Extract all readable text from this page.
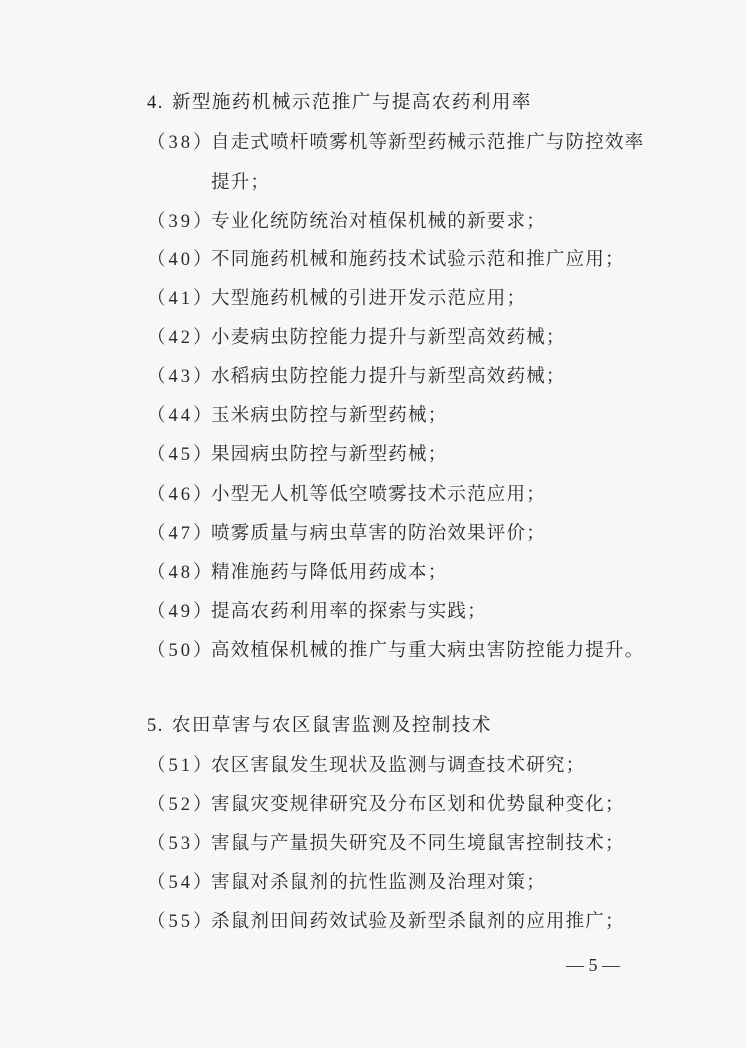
4. 新型施药机械示范推广与提高农药利用率
（38）自走式喷杆喷雾机等新型药械示范推广与防控效率
提升；
（39）专业化统防统治对植保机械的新要求；
（40）不同施药机械和施药技术试验示范和推广应用；
（41）大型施药机械的引进开发示范应用；
（42）小麦病虫防控能力提升与新型高效药械；
（43）水稻病虫防控能力提升与新型高效药械；
（44）玉米病虫防控与新型药械；
（45）果园病虫防控与新型药械；
（46）小型无人机等低空喷雾技术示范应用；
（47）喷雾质量与病虫草害的防治效果评价；
（48）精准施药与降低用药成本；
（49）提高农药利用率的探索与实践；
（50）高效植保机械的推广与重大病虫害防控能力提升。
5. 农田草害与农区鼠害监测及控制技术
（51）农区害鼠发生现状及监测与调查技术研究；
（52）害鼠灾变规律研究及分布区划和优势鼠种变化；
（53）害鼠与产量损失研究及不同生境鼠害控制技术；
（54）害鼠对杀鼠剂的抗性监测及治理对策；
（55）杀鼠剂田间药效试验及新型杀鼠剂的应用推广；
— 5 —
